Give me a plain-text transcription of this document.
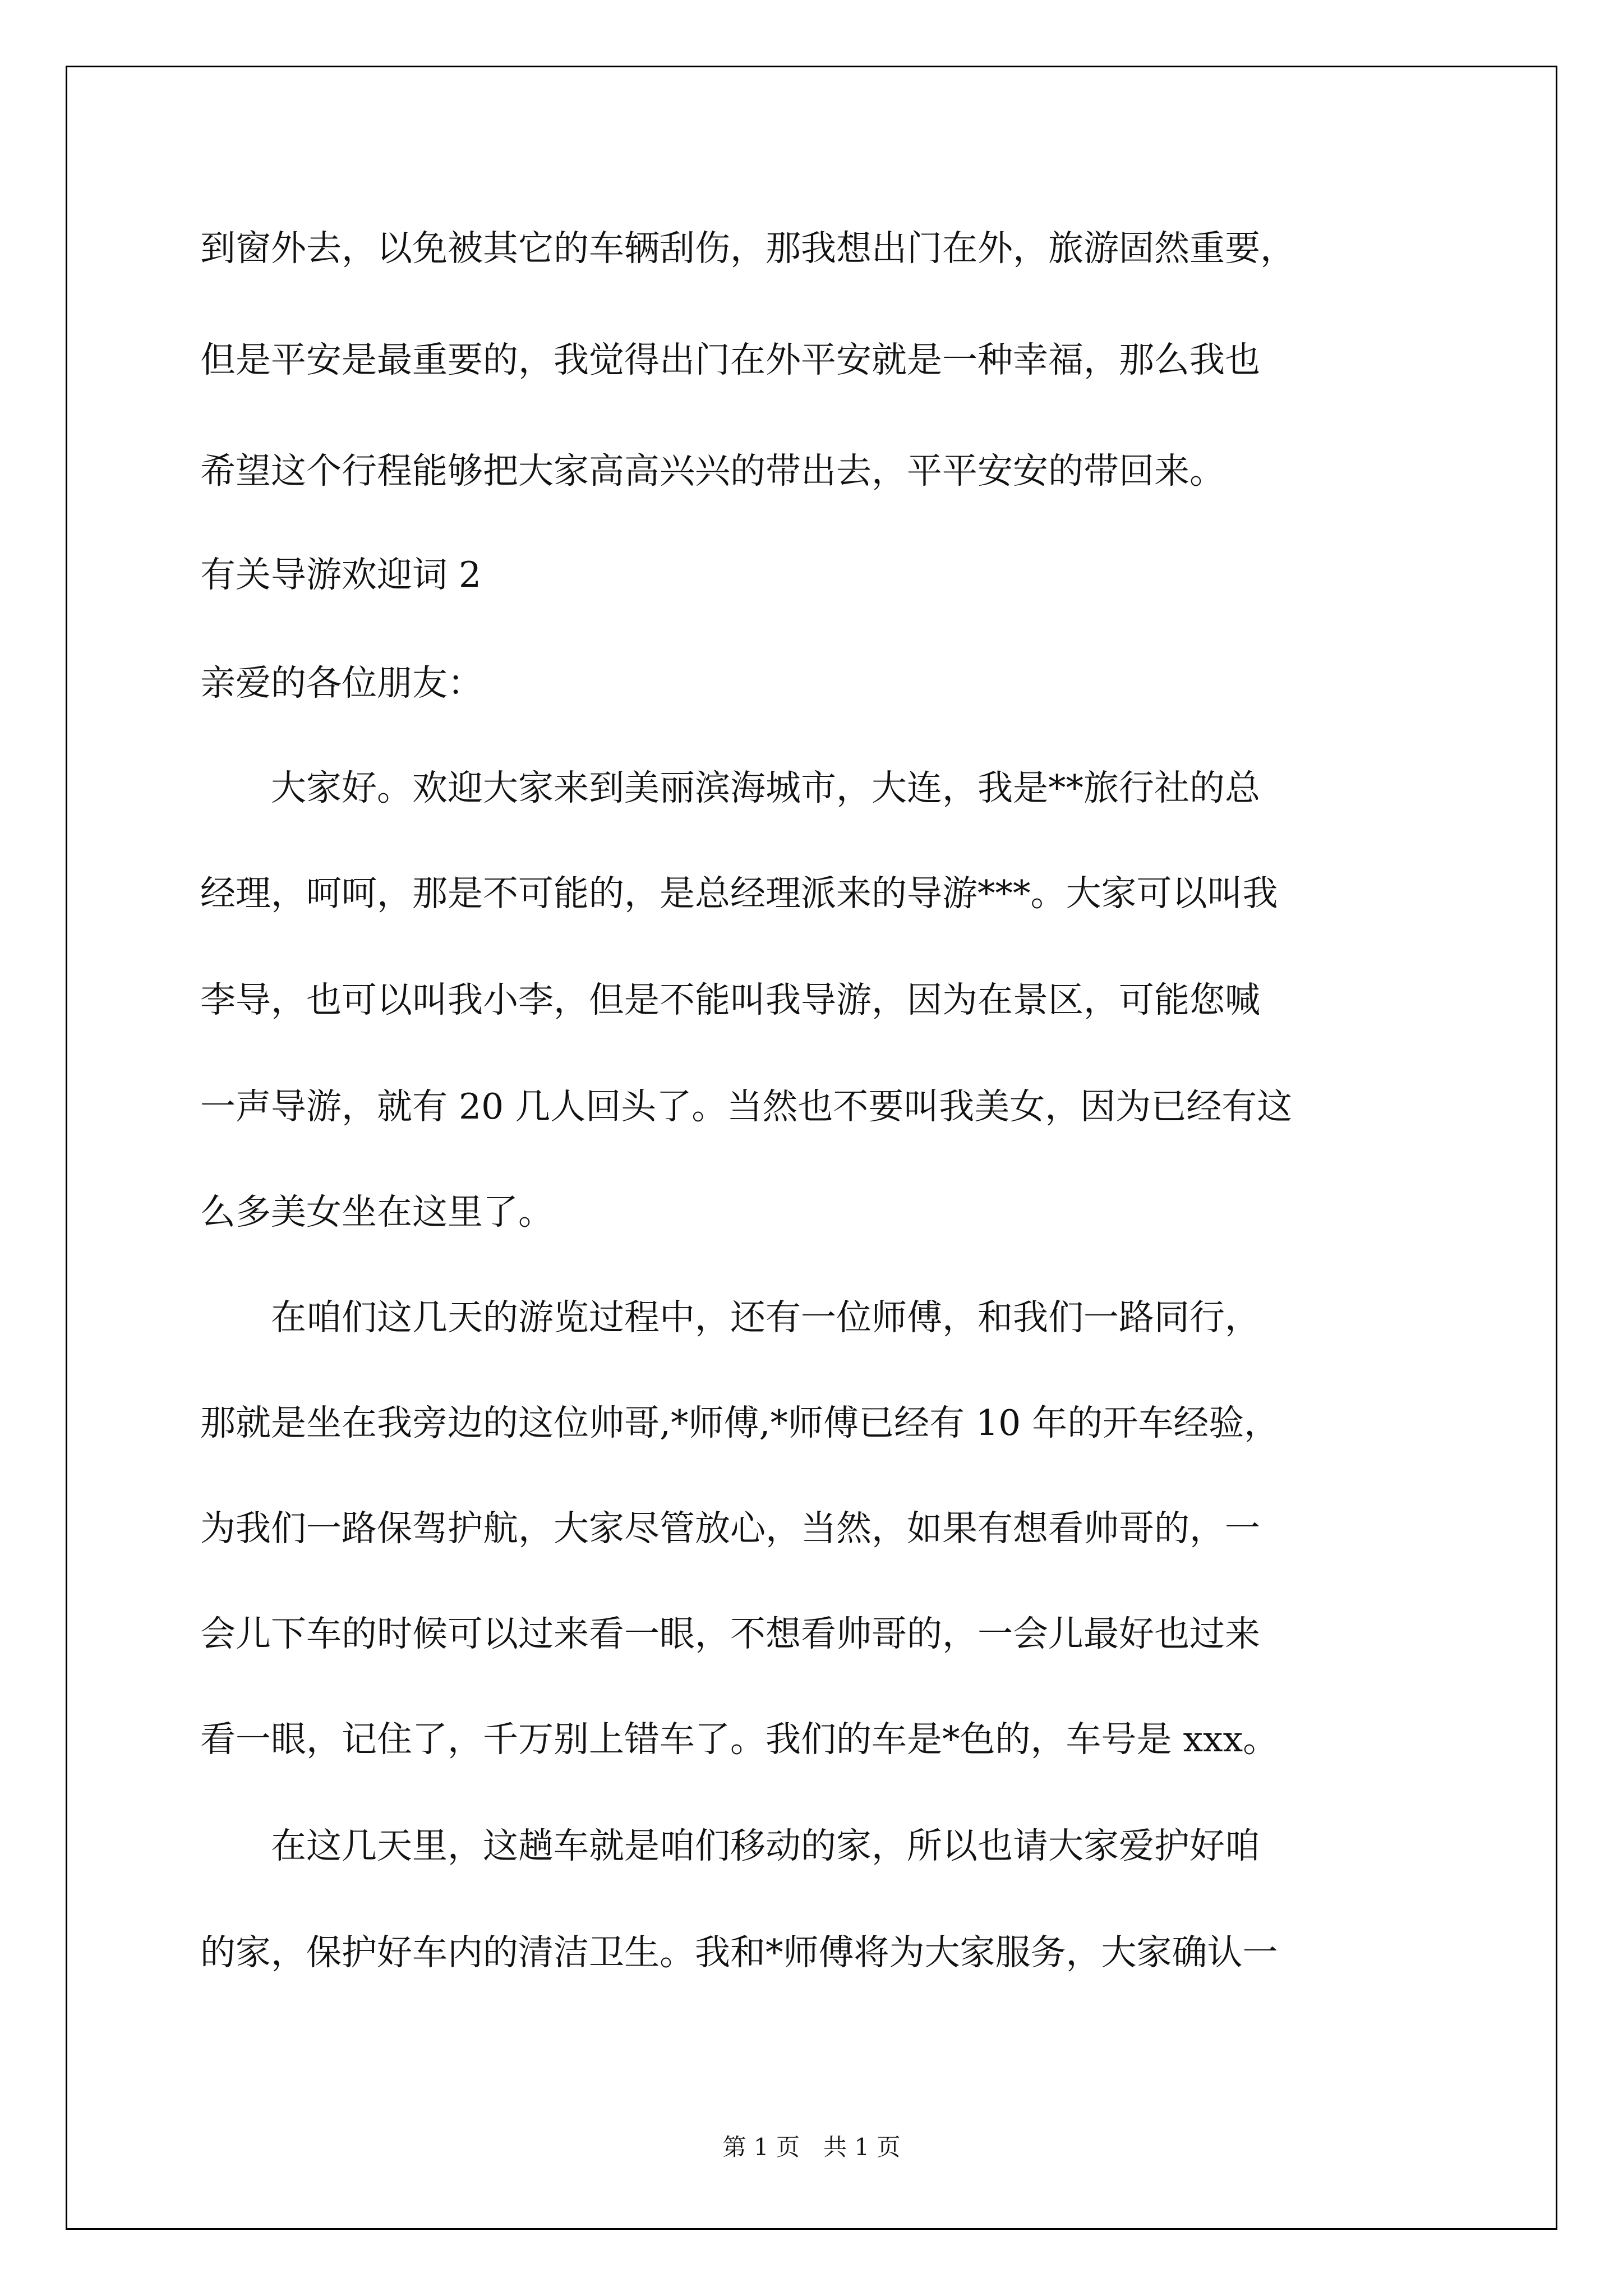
到窗外去，以免被其它的车辆刮伤，那我想出门在外，旅游固然重要，

但是平安是最重要的，我觉得出门在外平安就是一种幸福，那么我也

希望这个行程能够把大家高高兴兴的带出去，平平安安的带回来。

有关导游欢迎词 2

亲爱的各位朋友：

　　大家好。欢迎大家来到美丽滨海城市，大连，我是**旅行社的总

经理，呵呵，那是不可能的，是总经理派来的导游***。大家可以叫我

李导，也可以叫我小李，但是不能叫我导游，因为在景区，可能您喊

一声导游，就有 20 几人回头了。当然也不要叫我美女，因为已经有这

么多美女坐在这里了。

　　在咱们这几天的游览过程中，还有一位师傅，和我们一路同行，

那就是坐在我旁边的这位帅哥,*师傅,*师傅已经有 10 年的开车经验，

为我们一路保驾护航，大家尽管放心，当然，如果有想看帅哥的，一

会儿下车的时候可以过来看一眼，不想看帅哥的，一会儿最好也过来

看一眼，记住了，千万别上错车了。我们的车是*色的，车号是 xxx。

　　在这几天里，这趟车就是咱们移动的家，所以也请大家爱护好咱

的家，保护好车内的清洁卫生。我和*师傅将为大家服务，大家确认一

第 1 页　共 1 页
